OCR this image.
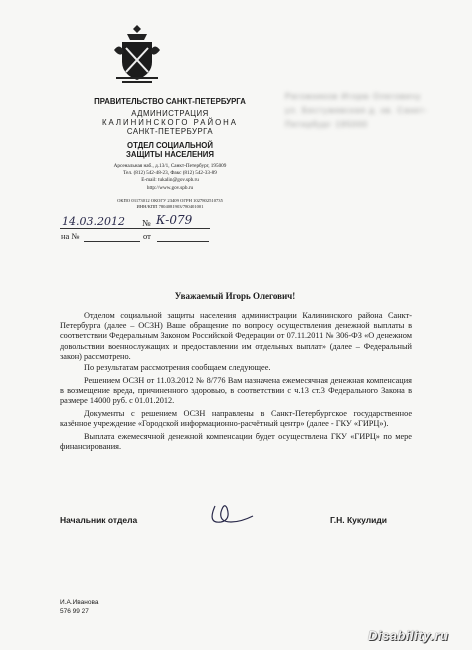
ПРАВИТЕЛЬСТВО САНКТ-ПЕТЕРБУРГА
АДМИНИСТРАЦИЯ
КАЛИНИНСКОГО РАЙОНА
САНКТ-ПЕТЕРБУРГА
ОТДЕЛ СОЦИАЛЬНОЙ
ЗАЩИТЫ НАСЕЛЕНИЯ
Арсенальная наб., д.13/1, Санкт-Петербург, 195009
Тел. (812) 542-48-23, Факс (812) 542-33-89
E-mail: tukalin@gov.spb.ru
http://www.gov.spb.ru
ОКПО 03173012 ОКОГУ 23409 ОГРН 1027802510735
ИНН/КПП 7804081903/780401001
14.03.2012 № К-079
на №	от
Рагожников Игорю Олеговичу ул. Бестужевская д. кв. Санкт-Петербург 195000
Уважаемый Игорь Олегович!
Отделом социальной защиты населения администрации Калининского района Санкт-Петербурга (далее – ОСЗН) Ваше обращение по вопросу осуществления денежной выплаты в соответствии Федеральным Законом Российской Федерации от 07.11.2011 № 306-ФЗ «О денежном довольствии военнослужащих и предоставлении им отдельных выплат» (далее – Федеральный закон) рассмотрено.
По результатам рассмотрения сообщаем следующее.
Решением ОСЗН от 11.03.2012 № 8/776 Вам назначена ежемесячная денежная компенсация в возмещение вреда, причиненного здоровью, в соответствии с ч.13 ст.3 Федерального Закона в размере 14000 руб. с 01.01.2012.
Документы с решением ОСЗН направлены в Санкт-Петербургское государственное казённое учреждение «Городской информационно-расчётный центр» (далее - ГКУ «ГИРЦ»).
Выплата ежемесячной денежной компенсации будет осуществлена ГКУ «ГИРЦ» по мере финансирования.
Начальник отдела	Г.Н. Кукулиди
И.А.Иванова
576 99 27
Disability.ru
